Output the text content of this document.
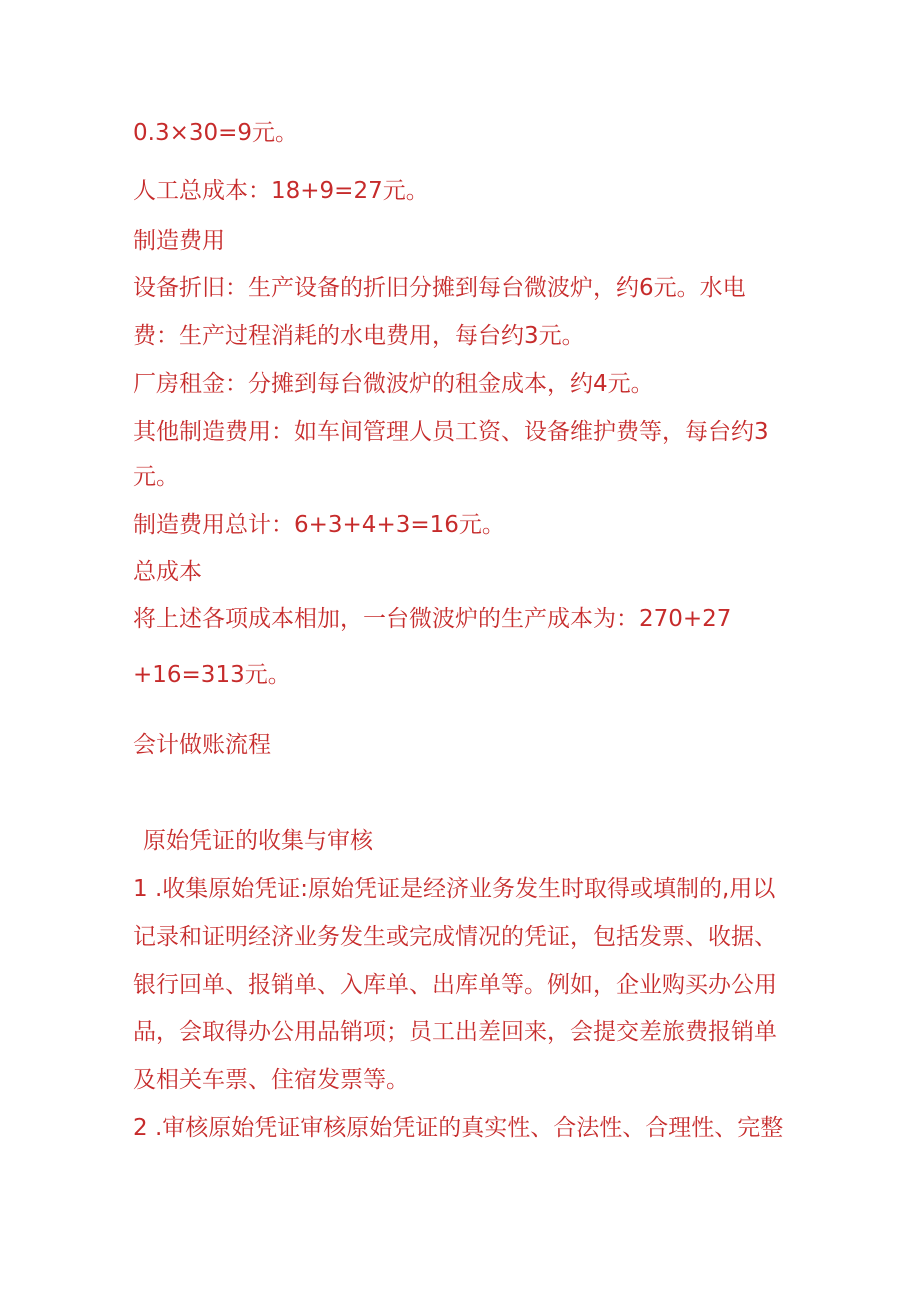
0.3×30=9元。
人工总成本：18+9=27元。
制造费用
设备折旧：生产设备的折旧分摊到每台微波炉，约6元。水电
费：生产过程消耗的水电费用，每台约3元。
厂房租金：分摊到每台微波炉的租金成本，约4元。
其他制造费用：如车间管理人员工资、设备维护费等，每台约3
元。
制造费用总计：6+3+4+3=16元。
总成本
将上述各项成本相加，一台微波炉的生产成本为：270+27
+16=313元。
会计做账流程
原始凭证的收集与审核
1 .收集原始凭证:原始凭证是经济业务发生时取得或填制的,用以
记录和证明经济业务发生或完成情况的凭证，包括发票、收据、
银行回单、报销单、入库单、出库单等。例如，企业购买办公用
品，会取得办公用品销项；员工出差回来，会提交差旅费报销单
及相关车票、住宿发票等。
2 .审核原始凭证审核原始凭证的真实性、合法性、合理性、完整
